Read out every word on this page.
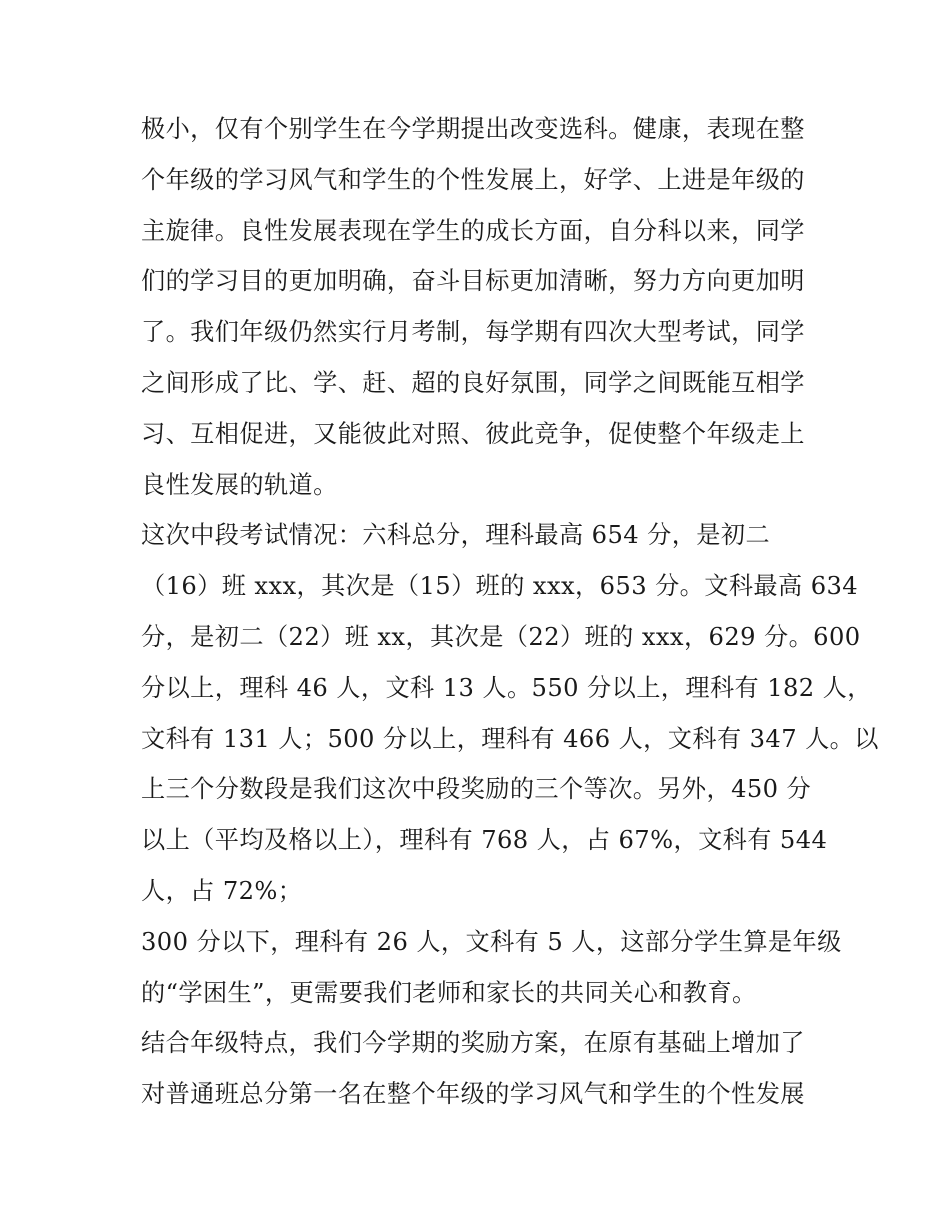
极小，仅有个别学生在今学期提出改变选科。健康，表现在整
个年级的学习风气和学生的个性发展上，好学、上进是年级的
主旋律。良性发展表现在学生的成长方面，自分科以来，同学
们的学习目的更加明确，奋斗目标更加清晰，努力方向更加明
了。我们年级仍然实行月考制，每学期有四次大型考试，同学
之间形成了比、学、赶、超的良好氛围，同学之间既能互相学
习、互相促进，又能彼此对照、彼此竞争，促使整个年级走上
良性发展的轨道。
这次中段考试情况：六科总分，理科最高 654 分，是初二
（16）班 xxx，其次是（15）班的 xxx，653 分。文科最高 634
分，是初二（22）班 xx，其次是（22）班的 xxx，629 分。600
分以上，理科 46 人，文科 13 人。550 分以上，理科有 182 人，
文科有 131 人；500 分以上，理科有 466 人，文科有 347 人。以
上三个分数段是我们这次中段奖励的三个等次。另外，450 分
以上（平均及格以上），理科有 768 人，占 67%，文科有 544
人，占 72%；
300 分以下，理科有 26 人，文科有 5 人，这部分学生算是年级
的“学困生”，更需要我们老师和家长的共同关心和教育。
结合年级特点，我们今学期的奖励方案，在原有基础上增加了
对普通班总分第一名在整个年级的学习风气和学生的个性发展
